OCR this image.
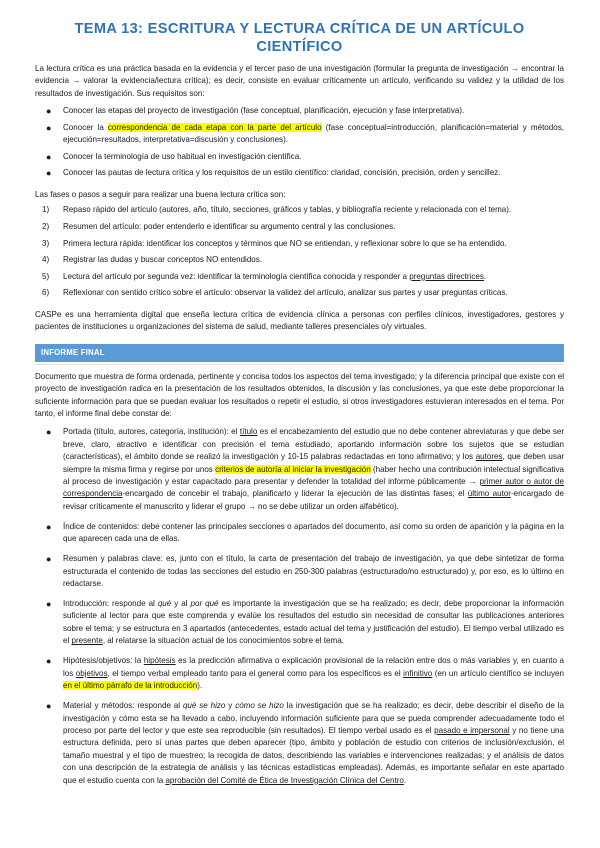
TEMA 13: ESCRITURA Y LECTURA CRÍTICA DE UN ARTÍCULO CIENTÍFICO

La lectura crítica es una práctica basada en la evidencia y el tercer paso de una investigación (formular la pregunta de investigación → encontrar la evidencia → valorar la evidencia/lectura crítica); es decir, consiste en evaluar críticamente un artículo, verificando su validez y la utilidad de los resultados de investigación. Sus requisitos son:

● Conocer las etapas del proyecto de investigación (fase conceptual, planificación, ejecución y fase interpretativa).
● Conocer la correspondencia de cada etapa con la parte del artículo (fase conceptual=introducción, planificación=material y métodos, ejecución=resultados, interpretativa=discusión y conclusiones).
● Conocer la terminología de uso habitual en investigación científica.
● Conocer las pautas de lectura crítica y los requisitos de un estilo científico: claridad, concisión, precisión, orden y sencillez.

Las fases o pasos a seguir para realizar una buena lectura crítica son:

1) Repaso rápido del artículo (autores, año, título, secciones, gráficos y tablas, y bibliografía reciente y relacionada con el tema).
2) Resumen del artículo: poder entenderlo e identificar su argumento central y las conclusiones.
3) Primera lectura rápida: identificar los conceptos y términos que NO se entiendan, y reflexionar sobre lo que se ha entendido.
4) Registrar las dudas y buscar conceptos NO entendidos.
5) Lectura del artículo por segunda vez: identificar la terminología científica conocida y responder a preguntas directrices.
6) Reflexionar con sentido crítico sobre el artículo: observar la validez del artículo, analizar sus partes y usar preguntas críticas.

CASPe es una herramienta digital que enseña lectura crítica de evidencia clínica a personas con perfiles clínicos, investigadores, gestores y pacientes de instituciones u organizaciones del sistema de salud, mediante talleres presenciales o/y virtuales.

INFORME FINAL

Documento que muestra de forma ordenada, pertinente y concisa todos los aspectos del tema investigado; y la diferencia principal que existe con el proyecto de investigación radica en la presentación de los resultados obtenidos, la discusión y las conclusiones, ya que este debe proporcionar la suficiente información para que se puedan evaluar los resultados o repetir el estudio, si otros investigadores estuvieran interesados en el tema. Por tanto, el informe final debe constar de:

● Portada (título, autores, categoría, institución): el título es el encabezamiento del estudio que no debe contener abreviaturas y que debe ser breve, claro, atractivo e identificar con precisión el tema estudiado, aportando información sobre los sujetos que se estudian (características), el ámbito donde se realizó la investigación y 10-15 palabras redactadas en tono afirmativo; y los autores, que deben usar siempre la misma firma y regirse por unos criterios de autoría al iniciar la investigación (haber hecho una contribución intelectual significativa al proceso de investigación y estar capacitado para presentar y defender la totalidad del informe públicamente → primer autor o autor de correspondencia-encargado de concebir el trabajo, planificarlo y liderar la ejecución de las distintas fases; el último autor-encargado de revisar críticamente el manuscrito y liderar el grupo → no se debe utilizar un orden alfabético).
● Índice de contenidos: debe contener las principales secciones o apartados del documento, así como su orden de aparición y la página en la que aparecen cada una de ellas.
● Resumen y palabras clave: es, junto con el título, la carta de presentación del trabajo de investigación, ya que debe sintetizar de forma estructurada el contenido de todas las secciones del estudio en 250-300 palabras (estructurado/no estructurado) y, por eso, es lo último en redactarse.
● Introducción: responde al qué y al por qué es importante la investigación que se ha realizado; es decir, debe proporcionar la información suficiente al lector para que este comprenda y evalúe los resultados del estudio sin necesidad de consultar las publicaciones anteriores sobre el tema; y se estructura en 3 apartados (antecedentes, estado actual del tema y justificación del estudio). El tiempo verbal utilizado es el presente, al relatarse la situación actual de los conocimientos sobre el tema.
● Hipótesis/objetivos: la hipótesis es la predicción afirmativa o explicación provisional de la relación entre dos o más variables y, en cuanto a los objetivos, el tiempo verbal empleado tanto para el general como para los específicos es el infinitivo (en un artículo científico se incluyen en el último párrafo de la introducción).
● Material y métodos: responde al qué se hizo y cómo se hizo la investigación que se ha realizado; es decir, debe describir el diseño de la investigación y cómo esta se ha llevado a cabo, incluyendo información suficiente para que se pueda comprender adecuadamente todo el proceso por parte del lector y que este sea reproducible (sin resultados). El tiempo verbal usado es el pasado e impersonal y no tiene una estructura definida, pero sí unas partes que deben aparecer (tipo, ámbito y población de estudio con criterios de inclusión/exclusión, el tamaño muestral y el tipo de muestreo; la recogida de datos, describiendo las variables e intervenciones realizadas; y el análisis de datos con una descripción de la estrategia de análisis y las técnicas estadísticas empleadas). Además, es importante señalar en este apartado que el estudio cuenta con la aprobación del Comité de Ética de Investigación Clínica del Centro.
